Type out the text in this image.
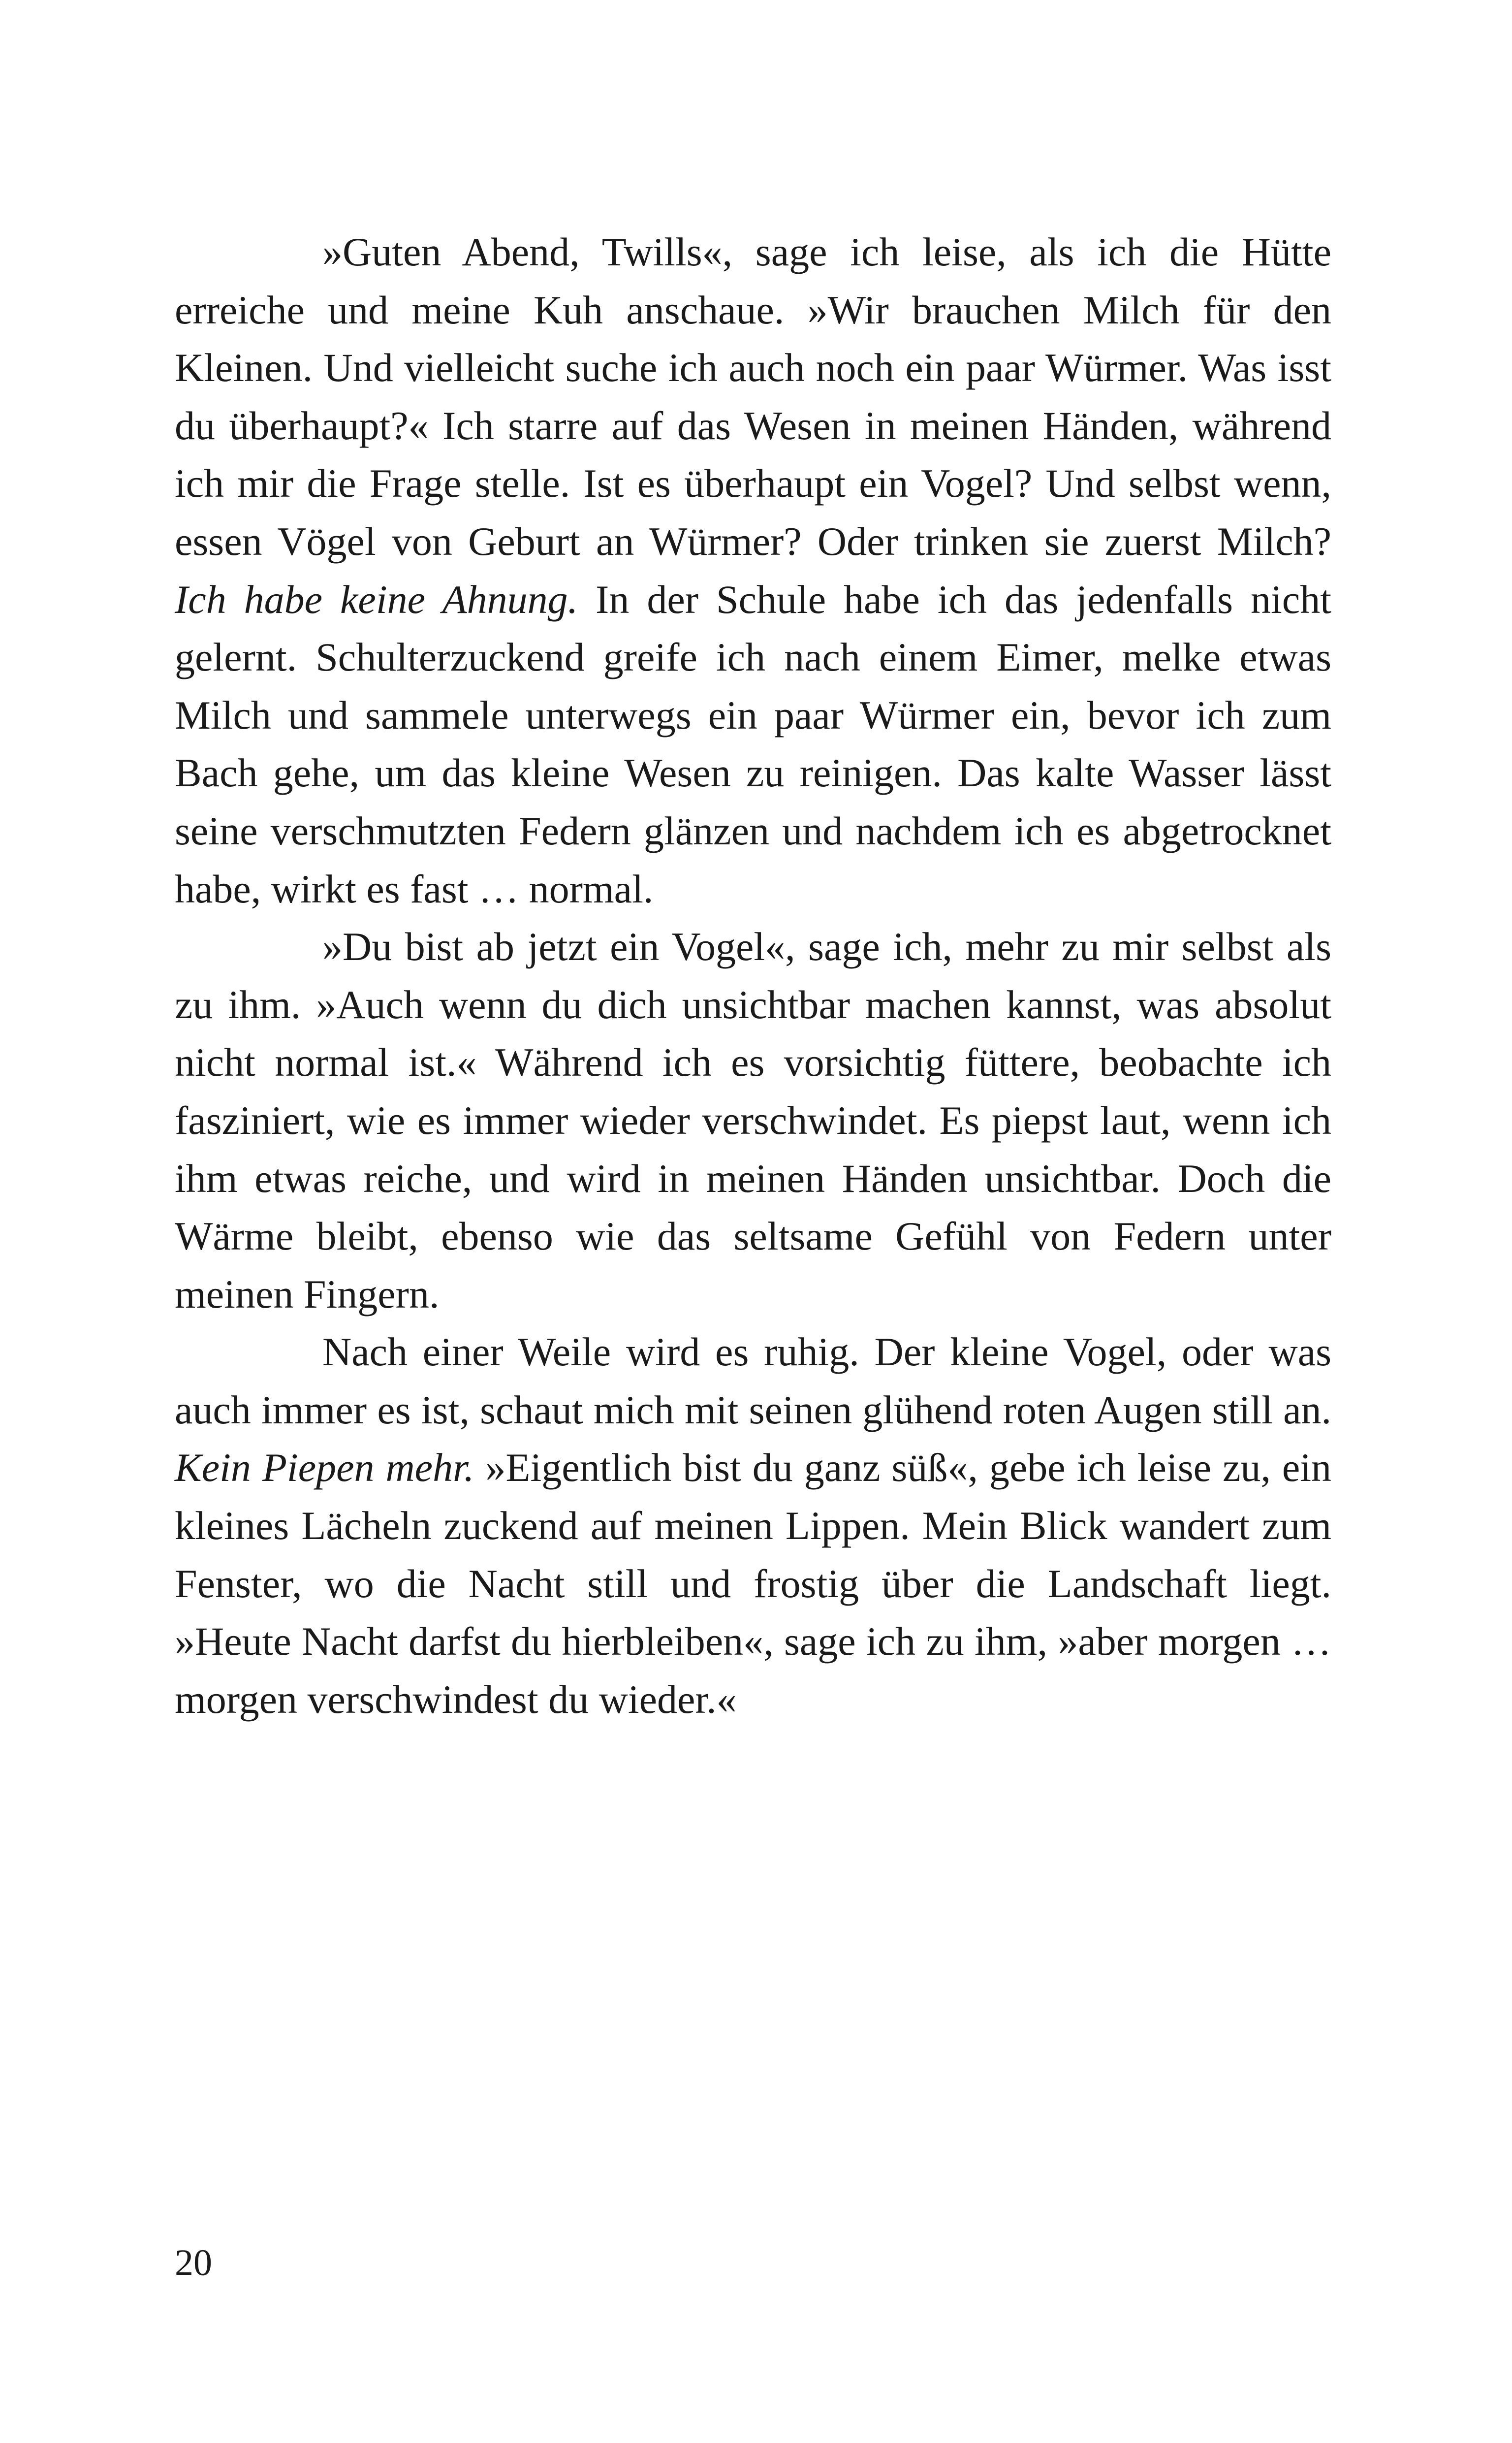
»Guten Abend, Twills«, sage ich leise, als ich die Hütte erreiche und meine Kuh anschaue. »Wir brauchen Milch für den Kleinen. Und vielleicht suche ich auch noch ein paar Würmer. Was isst du überhaupt?« Ich starre auf das Wesen in meinen Händen, während ich mir die Frage stelle. Ist es überhaupt ein Vogel? Und selbst wenn, essen Vögel von Geburt an Würmer? Oder trinken sie zuerst Milch? Ich habe keine Ahnung. In der Schule habe ich das jedenfalls nicht gelernt. Schulterzuckend greife ich nach einem Eimer, melke etwas Milch und sammele unterwegs ein paar Würmer ein, bevor ich zum Bach gehe, um das kleine Wesen zu reinigen. Das kalte Wasser lässt seine verschmutzten Federn glänzen und nachdem ich es abgetrocknet habe, wirkt es fast … normal.

»Du bist ab jetzt ein Vogel«, sage ich, mehr zu mir selbst als zu ihm. »Auch wenn du dich unsichtbar machen kannst, was absolut nicht normal ist.« Während ich es vorsichtig füttere, beobachte ich fasziniert, wie es immer wieder verschwindet. Es piepst laut, wenn ich ihm etwas reiche, und wird in meinen Händen unsichtbar. Doch die Wärme bleibt, ebenso wie das seltsame Gefühl von Federn unter meinen Fingern.

Nach einer Weile wird es ruhig. Der kleine Vogel, oder was auch immer es ist, schaut mich mit seinen glühend roten Augen still an. Kein Piepen mehr. »Eigentlich bist du ganz süß«, gebe ich leise zu, ein kleines Lächeln zuckend auf meinen Lippen. Mein Blick wandert zum Fenster, wo die Nacht still und frostig über die Landschaft liegt. »Heute Nacht darfst du hierbleiben«, sage ich zu ihm, »aber morgen … morgen verschwindest du wieder.«

20
